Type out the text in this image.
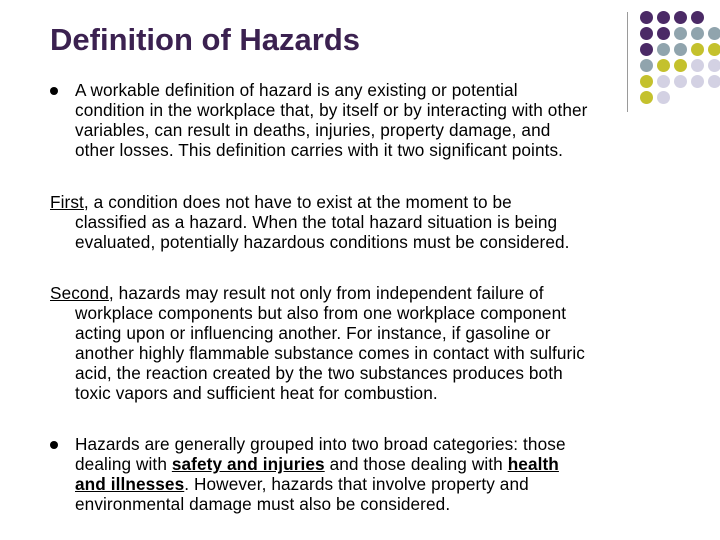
Definition of Hazards

A workable definition of hazard is any existing or potential
condition in the workplace that, by itself or by interacting with other
variables, can result in deaths, injuries, property damage, and
other losses. This definition carries with it two significant points.

First, a condition does not have to exist at the moment to be
classified as a hazard. When the total hazard situation is being
evaluated, potentially hazardous conditions must be considered.

Second, hazards may result not only from independent failure of
workplace components but also from one workplace component
acting upon or influencing another. For instance, if gasoline or
another highly flammable substance comes in contact with sulfuric
acid, the reaction created by the two substances produces both
toxic vapors and sufficient heat for combustion.

Hazards are generally grouped into two broad categories: those
dealing with safety and injuries and those dealing with health
and illnesses. However, hazards that involve property and
environmental damage must also be considered.
